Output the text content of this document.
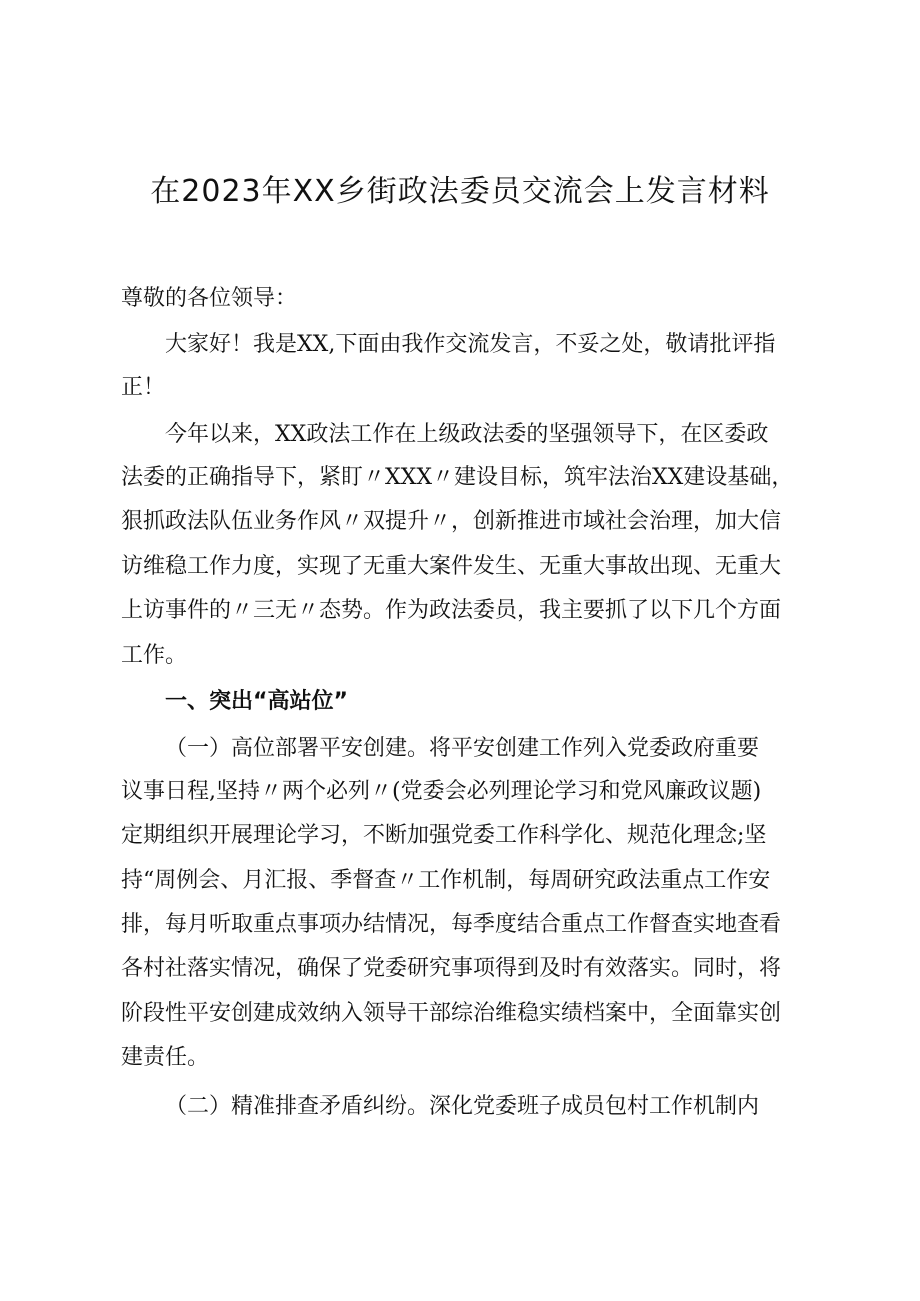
在2023年XX乡街政法委员交流会上发言材料

尊敬的各位领导：

大家好！我是XX,下面由我作交流发言，不妥之处，敬请批评指

正！

今年以来，XX政法工作在上级政法委的坚强领导下，在区委政

法委的正确指导下，紧盯〃XXX〃建设目标，筑牢法治XX建设基础，

狠抓政法队伍业务作风〃双提升〃，创新推进市域社会治理，加大信

访维稳工作力度，实现了无重大案件发生、无重大事故出现、无重大

上访事件的〃三无〃态势。作为政法委员，我主要抓了以下几个方面

工作。

一、突出“高站位”

（一）高位部署平安创建。将平安创建工作列入党委政府重要

议事日程,坚持〃两个必列〃(党委会必列理论学习和党风廉政议题)

定期组织开展理论学习，不断加强党委工作科学化、规范化理念;坚

持“周例会、月汇报、季督查〃工作机制，每周研究政法重点工作安

排，每月听取重点事项办结情况，每季度结合重点工作督查实地查看

各村社落实情况，确保了党委研究事项得到及时有效落实。同时，将

阶段性平安创建成效纳入领导干部综治维稳实绩档案中，全面靠实创

建责任。

（二）精准排查矛盾纠纷。深化党委班子成员包村工作机制内
